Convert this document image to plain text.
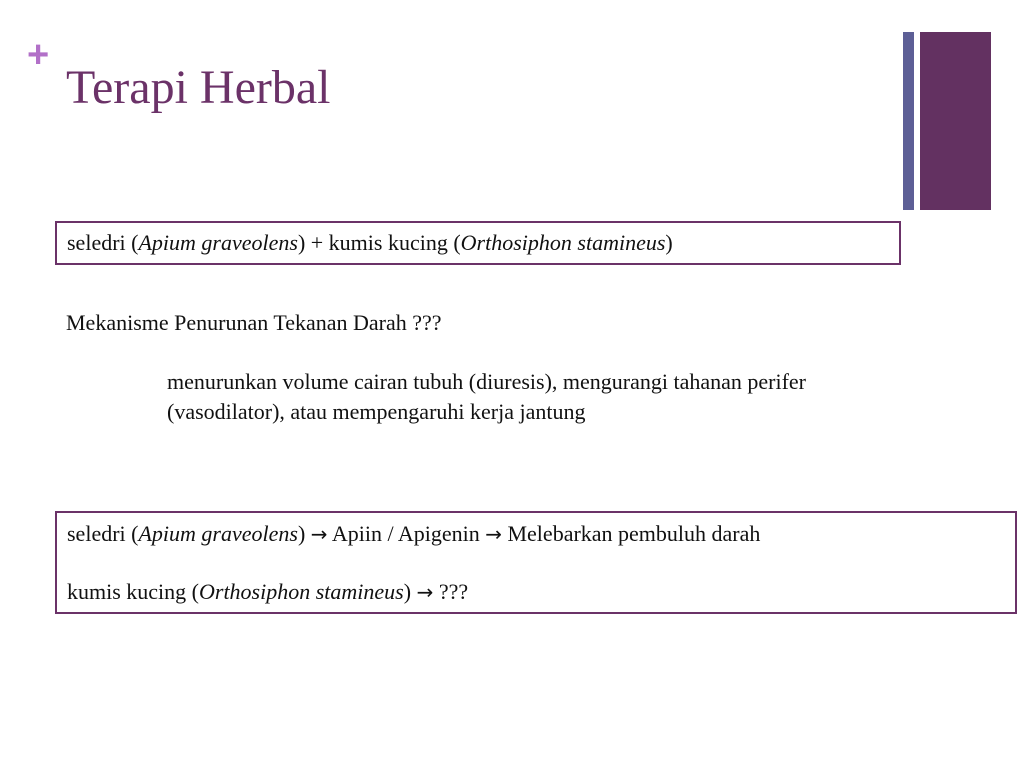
+
Terapi Herbal
seledri (Apium graveolens) + kumis kucing (Orthosiphon stamineus)
Mekanisme Penurunan Tekanan Darah ???
menurunkan volume cairan tubuh (diuresis), mengurangi tahanan perifer (vasodilator), atau mempengaruhi kerja jantung
seledri (Apium graveolens) → Apiin / Apigenin → Melebarkan pembuluh darah
kumis kucing (Orthosiphon stamineus) → ???
